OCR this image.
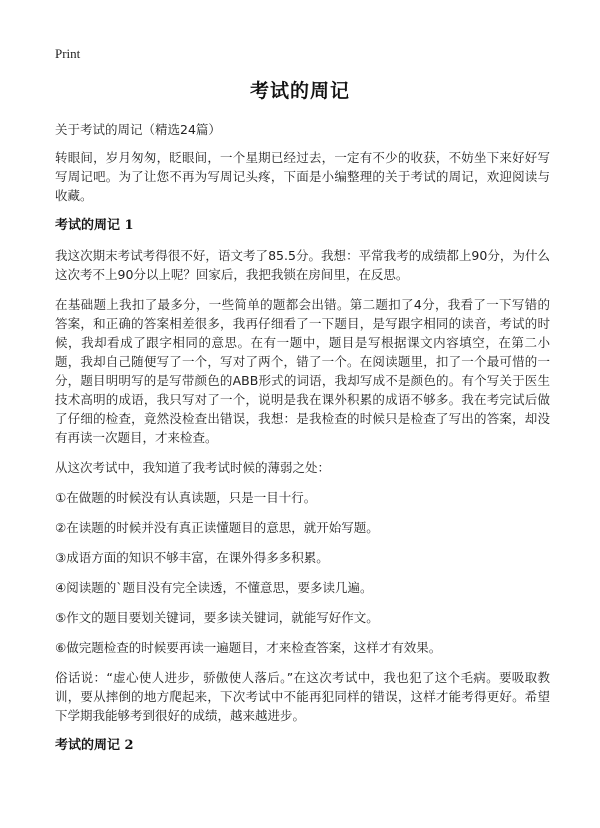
Print
考试的周记
关于考试的周记（精选24篇）

转眼间，岁月匆匆，眨眼间，一个星期已经过去，一定有不少的收获，不妨坐下来好好写写周记吧。为了让您不再为写周记头疼，下面是小编整理的关于考试的周记，欢迎阅读与收藏。

考试的周记 1

我这次期末考试考得很不好，语文考了85.5分。我想：平常我考的成绩都上90分，为什么这次考不上90分以上呢？回家后，我把我锁在房间里，在反思。

在基础题上我扣了最多分，一些简单的题都会出错。第二题扣了4分，我看了一下写错的答案，和正确的答案相差很多，我再仔细看了一下题目，是写跟字相同的读音，考试的时候，我却看成了跟字相同的意思。在有一题中，题目是写根据课文内容填空，在第二小题，我却自己随便写了一个，写对了两个，错了一个。在阅读题里，扣了一个最可惜的一分，题目明明写的是写带颜色的ABB形式的词语，我却写成不是颜色的。有个写关于医生技术高明的成语，我只写对了一个，说明是我在课外积累的成语不够多。我在考完试后做了仔细的检查，竟然没检查出错误，我想：是我检查的时候只是检查了写出的答案，却没有再读一次题目，才来检查。

从这次考试中，我知道了我考试时候的薄弱之处：

①在做题的时候没有认真读题，只是一目十行。

②在读题的时候并没有真正读懂题目的意思，就开始写题。

③成语方面的知识不够丰富，在课外得多多积累。

④阅读题的`题目没有完全读透，不懂意思，要多读几遍。

⑤作文的题目要划关键词，要多读关键词，就能写好作文。

⑥做完题检查的时候要再读一遍题目，才来检查答案，这样才有效果。

俗话说：“虚心使人进步，骄傲使人落后。”在这次考试中，我也犯了这个毛病。要吸取教训，要从摔倒的地方爬起来，下次考试中不能再犯同样的错误，这样才能考得更好。希望下学期我能够考到很好的成绩，越来越进步。

考试的周记 2
